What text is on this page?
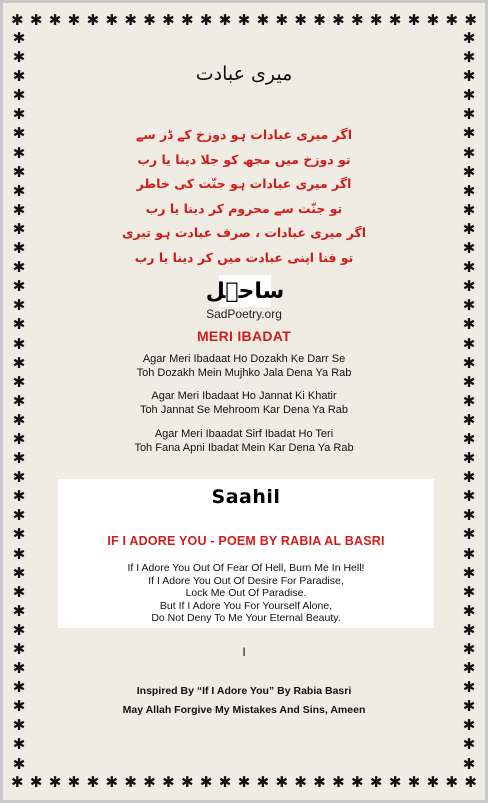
✱ ✱ ✱ ✱ ✱ ✱ ✱ ✱ ✱ ✱ ✱ ✱ ✱ ✱ ✱ ✱ ✱ ✱ ✱ ✱ ✱ ✱ ✱ ✱ ✱
✱ ✱ ✱ ✱ ✱ ✱ ✱ ✱ ✱ ✱ ✱ ✱ ✱ ✱ ✱ ✱ ✱ ✱ ✱ ✱ ✱ ✱ ✱ ✱ ✱
✱
✱
✱
✱
✱
✱
✱
✱
✱
✱
✱
✱
✱
✱
✱
✱
✱
✱
✱
✱
✱
✱
✱
✱
✱
✱
✱
✱
✱
✱
✱
✱
✱
✱
✱
✱
✱
✱
✱
✱
✱
✱
✱
✱
✱
✱
✱
✱
✱
✱
✱
✱
✱
✱
✱
✱
✱
✱
✱
✱
✱
✱
✱
✱
✱
✱
✱
✱
✱
✱
✱
✱
✱
✱
✱
✱
✱
✱
میری عبادت
اگر میری عبادات ہو دوزخ کے ڈر سے
تو دوزخ میں مجھ کو جلا دینا یا رب
اگر میری عبادات ہو جنّت کی خاطر
تو جنّت سے محروم کر دینا یا رب
اگر میری عبادات ، صرف عبادت ہو تیری
تو فنا اپنی عبادت میں کر دینا یا رب
ساحؔل
SadPoetry.org
MERI IBADAT
Agar Meri Ibadaat Ho Dozakh Ke Darr Se
Toh Dozakh Mein Mujhko Jala Dena Ya Rab
Agar Meri Ibadaat Ho Jannat Ki Khatir
Toh Jannat Se Mehroom Kar Dena Ya Rab
Agar Meri Ibaadat Sirf Ibadat Ho Teri
Toh Fana Apni Ibadat Mein Kar Dena Ya Rab
Saahil
IF I ADORE YOU - POEM BY RABIA AL BASRI
If I Adore You Out Of Fear Of Hell, Burn Me In Hell!
If I Adore You Out Of Desire For Paradise,
Lock Me Out Of Paradise.
But If I Adore You For Yourself Alone,
Do Not Deny To Me Your Eternal Beauty.
I
Inspired By “If I Adore You” By Rabia Basri
May Allah Forgive My Mistakes And Sins, Ameen
